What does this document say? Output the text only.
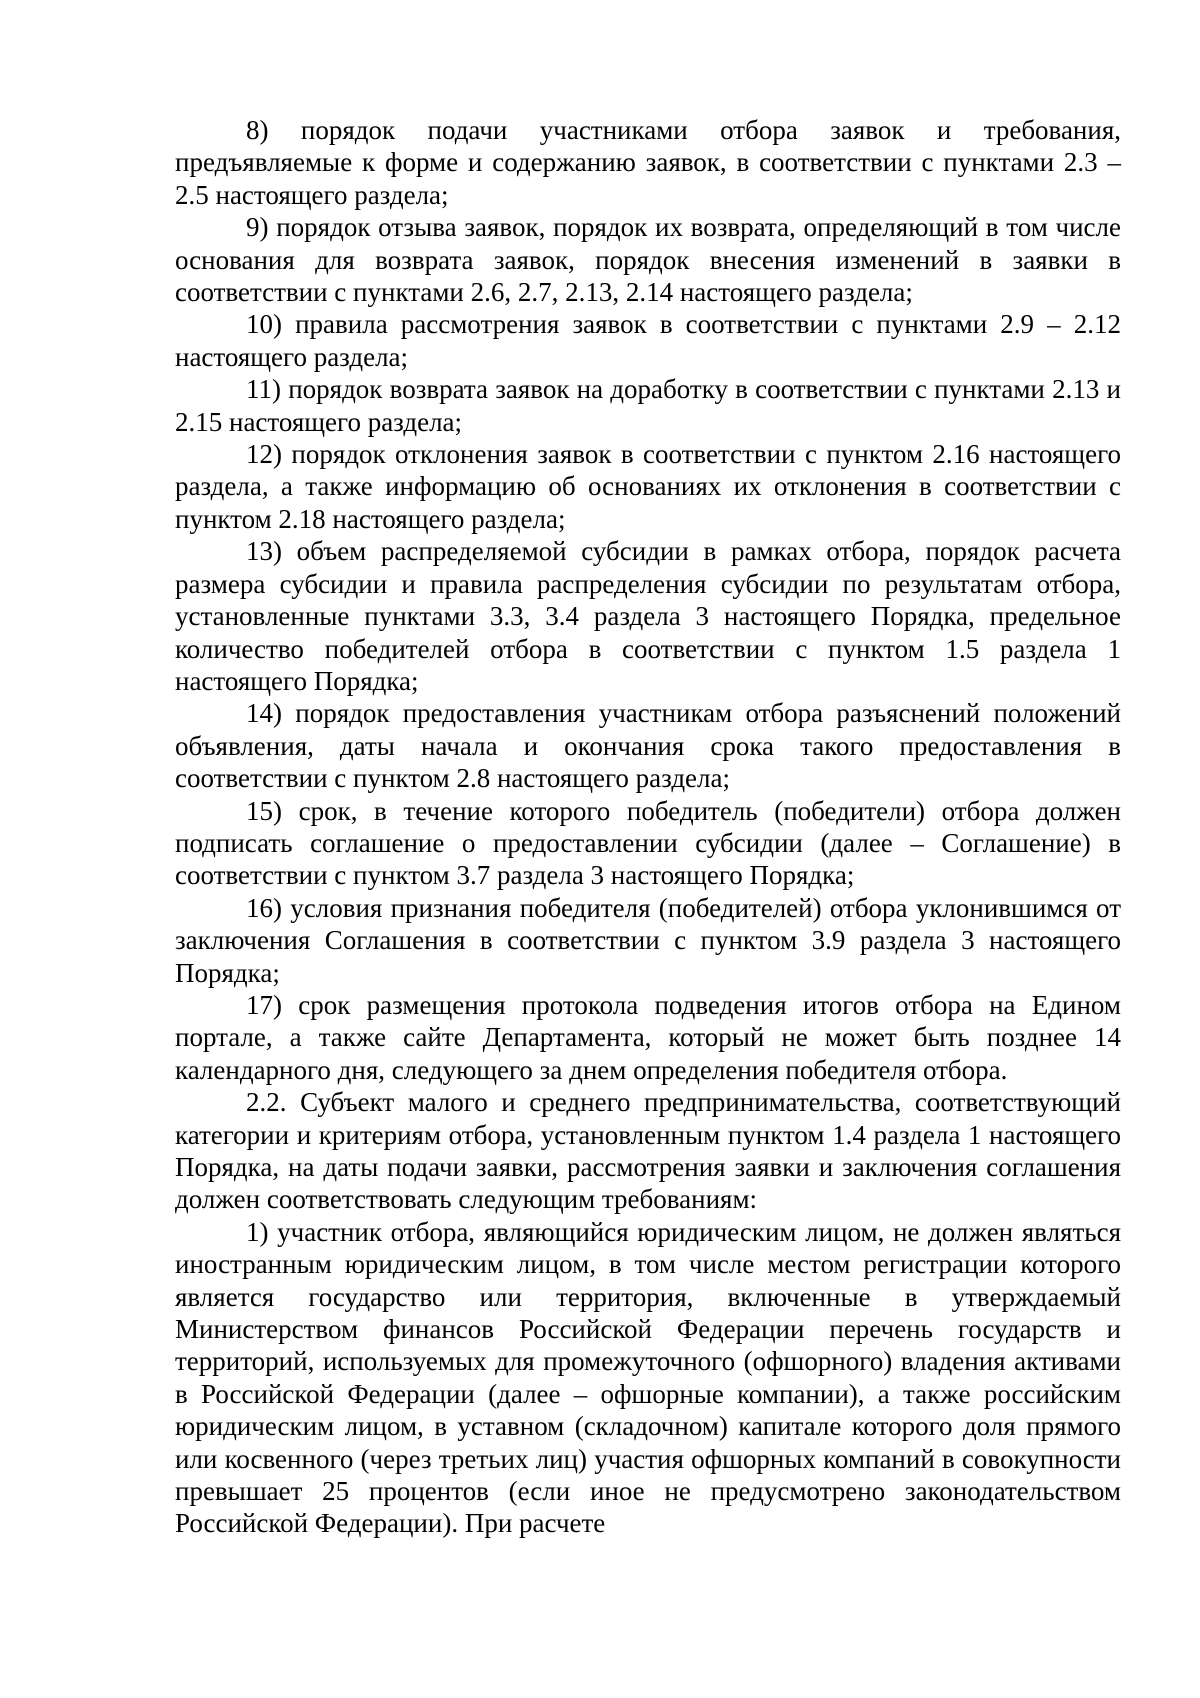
8) порядок подачи участниками отбора заявок и требования, предъявляемые к форме и содержанию заявок, в соответствии с пунктами 2.3 – 2.5 настоящего раздела;

9) порядок отзыва заявок, порядок их возврата, определяющий в том числе основания для возврата заявок, порядок внесения изменений в заявки в соответствии с пунктами 2.6, 2.7, 2.13, 2.14 настоящего раздела;

10) правила рассмотрения заявок в соответствии с пунктами 2.9 – 2.12 настоящего раздела;

11) порядок возврата заявок на доработку в соответствии с пунктами 2.13 и 2.15 настоящего раздела;

12) порядок отклонения заявок в соответствии с пунктом 2.16 настоящего раздела, а также информацию об основаниях их отклонения в соответствии с пунктом 2.18 настоящего раздела;

13) объем распределяемой субсидии в рамках отбора, порядок расчета размера субсидии и правила распределения субсидии по результатам отбора, установленные пунктами 3.3, 3.4 раздела 3 настоящего Порядка, предельное количество победителей отбора в соответствии с пунктом 1.5 раздела 1 настоящего Порядка;

14) порядок предоставления участникам отбора разъяснений положений объявления, даты начала и окончания срока такого предоставления в соответствии с пунктом 2.8 настоящего раздела;

15) срок, в течение которого победитель (победители) отбора должен подписать соглашение о предоставлении субсидии (далее – Соглашение) в соответствии с пунктом 3.7 раздела 3 настоящего Порядка;

16) условия признания победителя (победителей) отбора уклонившимся от заключения Соглашения в соответствии с пунктом 3.9 раздела 3 настоящего Порядка;

17) срок размещения протокола подведения итогов отбора на Едином портале, а также сайте Департамента, который не может быть позднее 14 календарного дня, следующего за днем определения победителя отбора.

2.2. Субъект малого и среднего предпринимательства, соответствующий категории и критериям отбора, установленным пунктом 1.4 раздела 1 настоящего Порядка, на даты подачи заявки, рассмотрения заявки и заключения соглашения должен соответствовать следующим требованиям:

1) участник отбора, являющийся юридическим лицом, не должен являться иностранным юридическим лицом, в том числе местом регистрации которого является государство или территория, включенные в утверждаемый Министерством финансов Российской Федерации перечень государств и территорий, используемых для промежуточного (офшорного) владения активами в Российской Федерации (далее – офшорные компании), а также российским юридическим лицом, в уставном (складочном) капитале которого доля прямого или косвенного (через третьих лиц) участия офшорных компаний в совокупности превышает 25 процентов (если иное не предусмотрено законодательством Российской Федерации). При расчете
